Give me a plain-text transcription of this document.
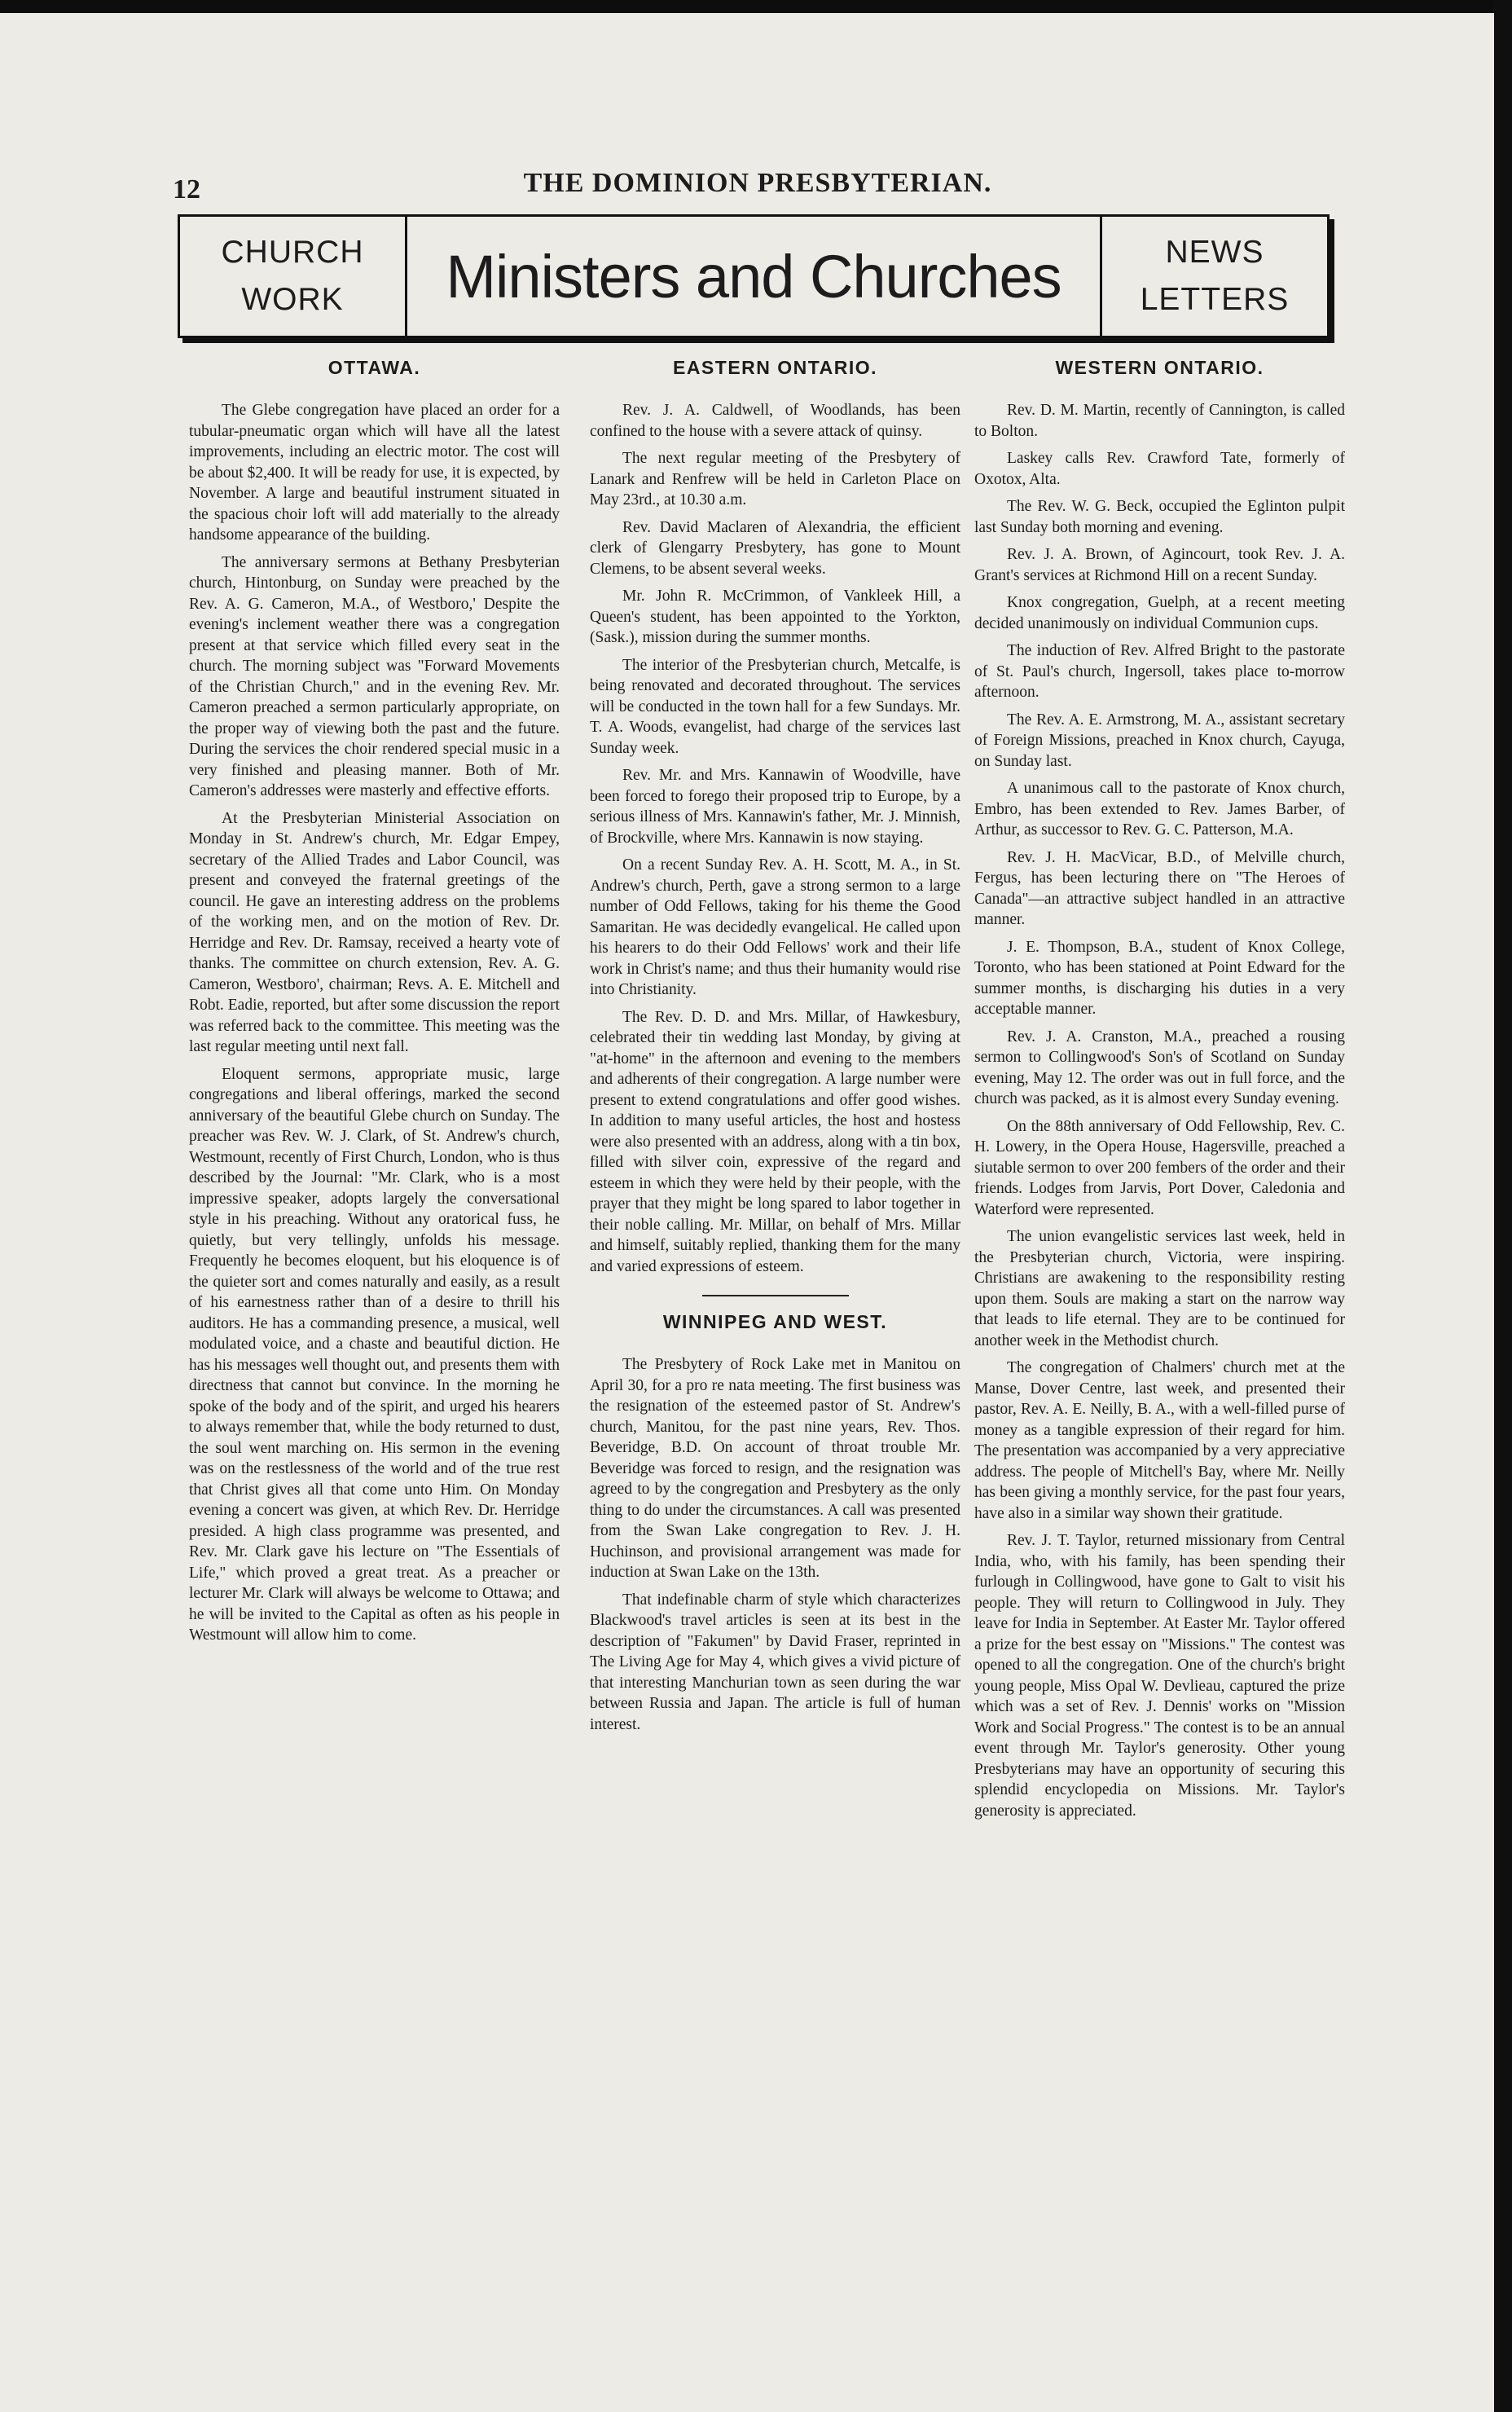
12	THE DOMINION PRESBYTERIAN.
CHURCH
WORK	Ministers and Churches	NEWS
LETTERS
OTTAWA.

The Glebe congregation have placed an order for a tubular-pneumatic organ which will have all the latest improvements, including an electric motor. The cost will be about $2,400. It will be ready for use, it is expected, by November. A large and beautiful instrument situated in the spacious choir loft will add materially to the already handsome appearance of the building.

The anniversary sermons at Bethany Presbyterian church, Hintonburg, on Sunday were preached by the Rev. A. G. Cameron, M.A., of Westboro,' Despite the evening's inclement weather there was a congregation present at that service which filled every seat in the church. The morning subject was "Forward Movements of the Christian Church," and in the evening Rev. Mr. Cameron preached a sermon particularly appropriate, on the proper way of viewing both the past and the future. During the services the choir rendered special music in a very finished and pleasing manner. Both of Mr. Cameron's addresses were masterly and effective efforts.

At the Presbyterian Ministerial Association on Monday in St. Andrew's church, Mr. Edgar Empey, secretary of the Allied Trades and Labor Council, was present and conveyed the fraternal greetings of the council. He gave an interesting address on the problems of the working men, and on the motion of Rev. Dr. Herridge and Rev. Dr. Ramsay, received a hearty vote of thanks. The committee on church extension, Rev. A. G. Cameron, Westboro', chairman; Revs. A. E. Mitchell and Robt. Eadie, reported, but after some discussion the report was referred back to the committee. This meeting was the last regular meeting until next fall.

Eloquent sermons, appropriate music, large congregations and liberal offerings, marked the second anniversary of the beautiful Glebe church on Sunday. The preacher was Rev. W. J. Clark, of St. Andrew's church, Westmount, recently of First Church, London, who is thus described by the Journal: "Mr. Clark, who is a most impressive speaker, adopts largely the conversational style in his preaching. Without any oratorical fuss, he quietly, but very tellingly, unfolds his message. Frequently he becomes eloquent, but his eloquence is of the quieter sort and comes naturally and easily, as a result of his earnestness rather than of a desire to thrill his auditors. He has a commanding presence, a musical, well modulated voice, and a chaste and beautiful diction. He has his messages well thought out, and presents them with directness that cannot but convince. In the morning he spoke of the body and of the spirit, and urged his hearers to always remember that, while the body returned to dust, the soul went marching on. His sermon in the evening was on the restlessness of the world and of the true rest that Christ gives all that come unto Him. On Monday evening a concert was given, at which Rev. Dr. Herridge presided. A high class programme was presented, and Rev. Mr. Clark gave his lecture on "The Essentials of Life," which proved a great treat. As a preacher or lecturer Mr. Clark will always be welcome to Ottawa; and he will be invited to the Capital as often as his people in Westmount will allow him to come.

EASTERN ONTARIO.

Rev. J. A. Caldwell, of Woodlands, has been confined to the house with a severe attack of quinsy.

The next regular meeting of the Presbytery of Lanark and Renfrew will be held in Carleton Place on May 23rd., at 10.30 a.m.

Rev. David Maclaren of Alexandria, the efficient clerk of Glengarry Presbytery, has gone to Mount Clemens, to be absent several weeks.

Mr. John R. McCrimmon, of Vankleek Hill, a Queen's student, has been appointed to the Yorkton, (Sask.), mission during the summer months.

The interior of the Presbyterian church, Metcalfe, is being renovated and decorated throughout. The services will be conducted in the town hall for a few Sundays. Mr. T. A. Woods, evangelist, had charge of the services last Sunday week.

Rev. Mr. and Mrs. Kannawin of Woodville, have been forced to forego their proposed trip to Europe, by a serious illness of Mrs. Kannawin's father, Mr. J. Minnish, of Brockville, where Mrs. Kannawin is now staying.

On a recent Sunday Rev. A. H. Scott, M. A., in St. Andrew's church, Perth, gave a strong sermon to a large number of Odd Fellows, taking for his theme the Good Samaritan. He was decidedly evangelical. He called upon his hearers to do their Odd Fellows' work and their life work in Christ's name; and thus their humanity would rise into Christianity.

The Rev. D. D. and Mrs. Millar, of Hawkesbury, celebrated their tin wedding last Monday, by giving at "at-home" in the afternoon and evening to the members and adherents of their congregation. A large number were present to extend congratulations and offer good wishes. In addition to many useful articles, the host and hostess were also presented with an address, along with a tin box, filled with silver coin, expressive of the regard and esteem in which they were held by their people, with the prayer that they might be long spared to labor together in their noble calling. Mr. Millar, on behalf of Mrs. Millar and himself, suitably replied, thanking them for the many and varied expressions of esteem.

WINNIPEG AND WEST.

The Presbytery of Rock Lake met in Manitou on April 30, for a pro re nata meeting. The first business was the resignation of the esteemed pastor of St. Andrew's church, Manitou, for the past nine years, Rev. Thos. Beveridge, B.D. On account of throat trouble Mr. Beveridge was forced to resign, and the resignation was agreed to by the congregation and Presbytery as the only thing to do under the circumstances. A call was presented from the Swan Lake congregation to Rev. J. H. Huchinson, and provisional arrangement was made for induction at Swan Lake on the 13th.

That indefinable charm of style which characterizes Blackwood's travel articles is seen at its best in the description of "Fakumen" by David Fraser, reprinted in The Living Age for May 4, which gives a vivid picture of that interesting Manchurian town as seen during the war between Russia and Japan. The article is full of human interest.

WESTERN ONTARIO.

Rev. D. M. Martin, recently of Cannington, is called to Bolton.

Laskey calls Rev. Crawford Tate, formerly of Oxotox, Alta.

The Rev. W. G. Beck, occupied the Eglinton pulpit last Sunday both morning and evening.

Rev. J. A. Brown, of Agincourt, took Rev. J. A. Grant's services at Richmond Hill on a recent Sunday.

Knox congregation, Guelph, at a recent meeting decided unanimously on individual Communion cups.

The induction of Rev. Alfred Bright to the pastorate of St. Paul's church, Ingersoll, takes place to-morrow afternoon.

The Rev. A. E. Armstrong, M. A., assistant secretary of Foreign Missions, preached in Knox church, Cayuga, on Sunday last.

A unanimous call to the pastorate of Knox church, Embro, has been extended to Rev. James Barber, of Arthur, as successor to Rev. G. C. Patterson, M.A.

Rev. J. H. MacVicar, B.D., of Melville church, Fergus, has been lecturing there on "The Heroes of Canada"—an attractive subject handled in an attractive manner.

J. E. Thompson, B.A., student of Knox College, Toronto, who has been stationed at Point Edward for the summer months, is discharging his duties in a very acceptable manner.

Rev. J. A. Cranston, M.A., preached a rousing sermon to Collingwood's Son's of Scotland on Sunday evening, May 12. The order was out in full force, and the church was packed, as it is almost every Sunday evening.

On the 88th anniversary of Odd Fellowship, Rev. C. H. Lowery, in the Opera House, Hagersville, preached a siutable sermon to over 200 fembers of the order and their friends. Lodges from Jarvis, Port Dover, Caledonia and Waterford were represented.

The union evangelistic services last week, held in the Presbyterian church, Victoria, were inspiring. Christians are awakening to the responsibility resting upon them. Souls are making a start on the narrow way that leads to life eternal. They are to be continued for another week in the Methodist church.

The congregation of Chalmers' church met at the Manse, Dover Centre, last week, and presented their pastor, Rev. A. E. Neilly, B. A., with a well-filled purse of money as a tangible expression of their regard for him. The presentation was accompanied by a very appreciative address. The people of Mitchell's Bay, where Mr. Neilly has been giving a monthly service, for the past four years, have also in a similar way shown their gratitude.

Rev. J. T. Taylor, returned missionary from Central India, who, with his family, has been spending their furlough in Collingwood, have gone to Galt to visit his people. They will return to Collingwood in July. They leave for India in September. At Easter Mr. Taylor offered a prize for the best essay on "Missions." The contest was opened to all the congregation. One of the church's bright young people, Miss Opal W. Devlieau, captured the prize which was a set of Rev. J. Dennis' works on "Mission Work and Social Progress." The contest is to be an annual event through Mr. Taylor's generosity. Other young Presbyterians may have an opportunity of securing this splendid encyclopedia on Missions. Mr. Taylor's generosity is appreciated.
